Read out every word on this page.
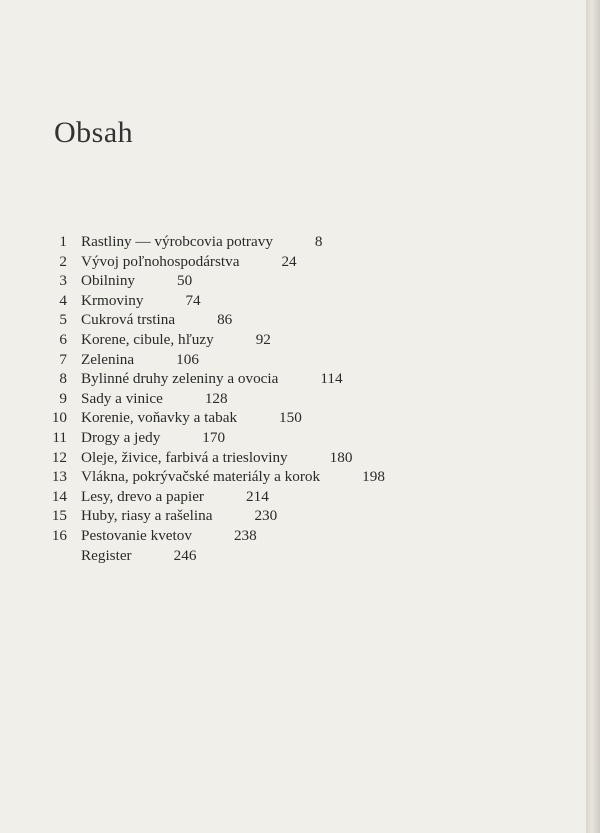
Obsah
1 Rastliny — výrobcovia potravy	8
2 Vývoj poľnohospodárstva	24
3 Obilniny	50
4 Krmoviny	74
5 Cukrová trstina	86
6 Korene, cibule, hľuzy	92
7 Zelenina	106
8 Bylinné druhy zeleniny a ovocia	114
9 Sady a vinice	128
10 Korenie, voňavky a tabak	150
11 Drogy a jedy	170
12 Oleje, živice, farbivá a triesloviny	180
13 Vlákna, pokrývačské materiály a korok	198
14 Lesy, drevo a papier	214
15 Huby, riasy a rašelina	230
16 Pestovanie kvetov	238
Register	246
